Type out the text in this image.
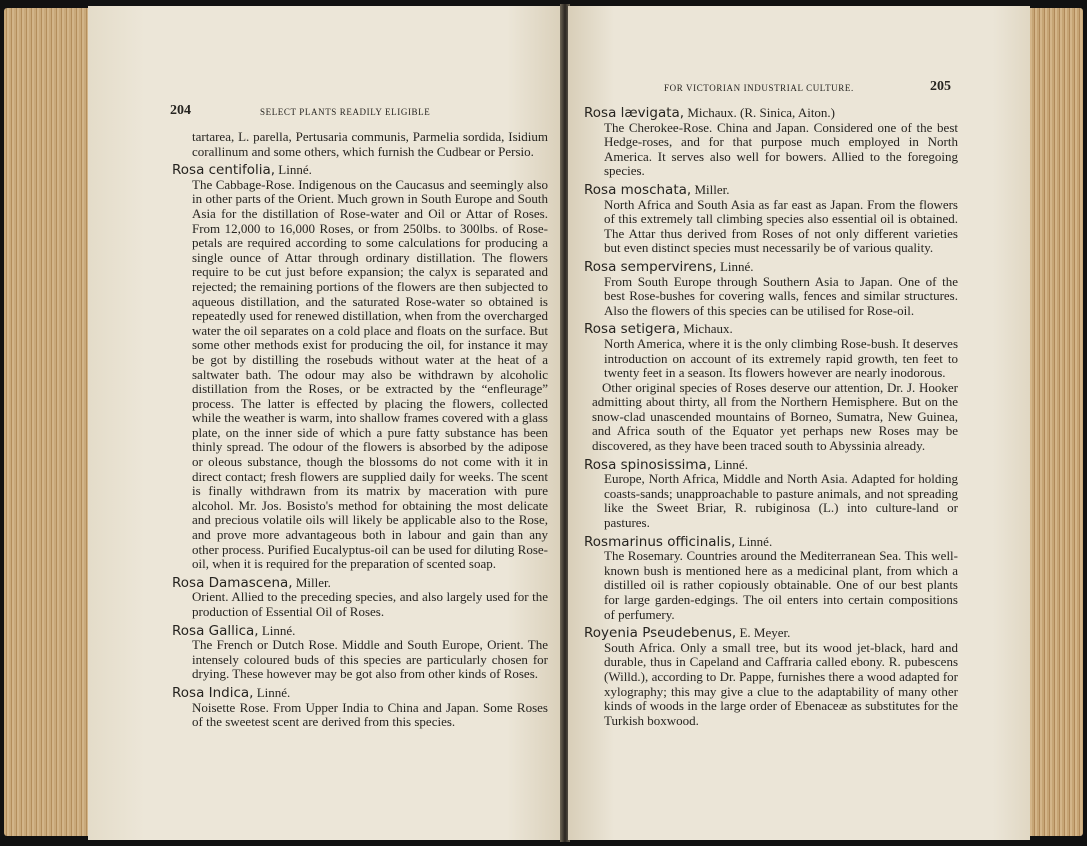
204	SELECT PLANTS READILY ELIGIBLE

tartarea, L. parella, Pertusaria communis, Parmelia sordida, Isidium corallinum and some others, which furnish the Cudbear or Persio.

Rosa centifolia, Linné.

The Cabbage-Rose. Indigenous on the Caucasus and seemingly also in other parts of the Orient. Much grown in South Europe and South Asia for the distillation of Rose-water and Oil or Attar of Roses. From 12,000 to 16,000 Roses, or from 250lbs. to 300lbs. of Rose-petals are required according to some calculations for producing a single ounce of Attar through ordinary distillation. The flowers require to be cut just before expansion; the calyx is separated and rejected; the remaining portions of the flowers are then subjected to aqueous distillation, and the saturated Rose-water so obtained is repeatedly used for renewed distillation, when from the overcharged water the oil separates on a cold place and floats on the surface. But some other methods exist for producing the oil, for instance it may be got by distilling the rosebuds without water at the heat of a saltwater bath. The odour may also be withdrawn by alcoholic distillation from the Roses, or be extracted by the “enfleurage” process. The latter is effected by placing the flowers, collected while the weather is warm, into shallow frames covered with a glass plate, on the inner side of which a pure fatty substance has been thinly spread. The odour of the flowers is absorbed by the adipose or oleous substance, though the blossoms do not come with it in direct contact; fresh flowers are supplied daily for weeks. The scent is finally withdrawn from its matrix by maceration with pure alcohol. Mr. Jos. Bosisto's method for obtaining the most delicate and precious volatile oils will likely be applicable also to the Rose, and prove more advantageous both in labour and gain than any other process. Purified Eucalyptus-oil can be used for diluting Rose-oil, when it is required for the preparation of scented soap.

Rosa Damascena, Miller.

Orient. Allied to the preceding species, and also largely used for the production of Essential Oil of Roses.

Rosa Gallica, Linné.

The French or Dutch Rose. Middle and South Europe, Orient. The intensely coloured buds of this species are particularly chosen for drying. These however may be got also from other kinds of Roses.

Rosa Indica, Linné.

Noisette Rose. From Upper India to China and Japan. Some Roses of the sweetest scent are derived from this species.

FOR VICTORIAN INDUSTRIAL CULTURE.	205
Rosa lævigata, Michaux. (R. Sinica, Aiton.)

The Cherokee-Rose. China and Japan. Considered one of the best Hedge-roses, and for that purpose much employed in North America. It serves also well for bowers. Allied to the foregoing species.

Rosa moschata, Miller.

North Africa and South Asia as far east as Japan. From the flowers of this extremely tall climbing species also essential oil is obtained. The Attar thus derived from Roses of not only different varieties but even distinct species must necessarily be of various quality.

Rosa sempervirens, Linné.

From South Europe through Southern Asia to Japan. One of the best Rose-bushes for covering walls, fences and similar structures. Also the flowers of this species can be utilised for Rose-oil.

Rosa setigera, Michaux.

North America, where it is the only climbing Rose-bush. It deserves introduction on account of its extremely rapid growth, ten feet to twenty feet in a season. Its flowers however are nearly inodorous.

Other original species of Roses deserve our attention, Dr. J. Hooker admitting about thirty, all from the Northern Hemisphere. But on the snow-clad unascended mountains of Borneo, Sumatra, New Guinea, and Africa south of the Equator yet perhaps new Roses may be discovered, as they have been traced south to Abyssinia already.

Rosa spinosissima, Linné.

Europe, North Africa, Middle and North Asia. Adapted for holding coasts-sands; unapproachable to pasture animals, and not spreading like the Sweet Briar, R. rubiginosa (L.) into culture-land or pastures.

Rosmarinus officinalis, Linné.

The Rosemary. Countries around the Mediterranean Sea. This well-known bush is mentioned here as a medicinal plant, from which a distilled oil is rather copiously obtainable. One of our best plants for large garden-edgings. The oil enters into certain compositions of perfumery.

Royenia Pseudebenus, E. Meyer.

South Africa. Only a small tree, but its wood jet-black, hard and durable, thus in Capeland and Caffraria called ebony. R. pubescens (Willd.), according to Dr. Pappe, furnishes there a wood adapted for xylography; this may give a clue to the adaptability of many other kinds of woods in the large order of Ebenaceæ as substitutes for the Turkish boxwood.
